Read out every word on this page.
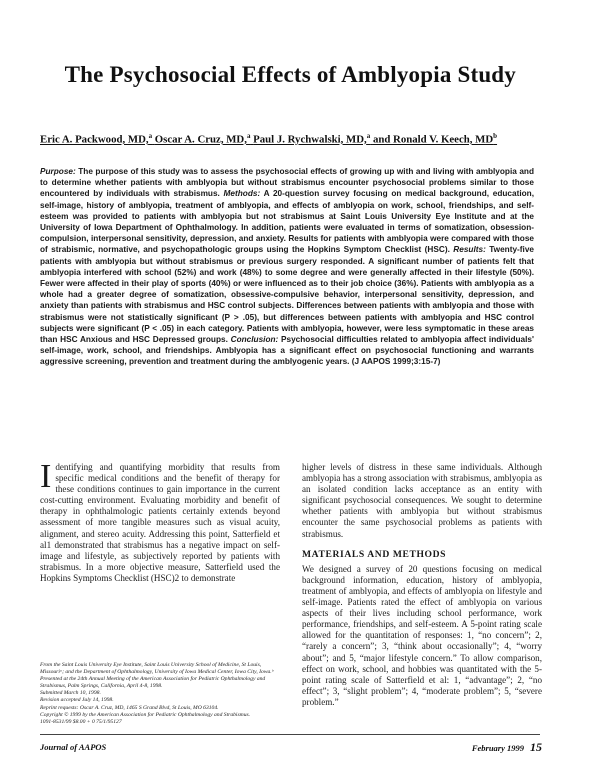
The Psychosocial Effects of Amblyopia Study
Eric A. Packwood, MD,$^a$ Oscar A. Cruz, MD,$^a$ Paul J. Rychwalski, MD,$^a$ and Ronald V. Keech, $MD^b$
Purpose: The purpose of this study was to assess the psychosocial effects of growing up with and living with amblyopia and to determine whether patients with amblyopia but without strabismus encounter psychosocial problems similar to those encountered by individuals with strabismus. Methods: A 20-question survey focusing on medical background, education, self-image, history of amblyopia, treatment of amblyopia, and effects of amblyopia on work, school, friendships, and self-esteem was provided to patients with amblyopia but not strabismus at Saint Louis University Eye Institute and at the University of Iowa Department of Ophthalmology. In addition, patients were evaluated in terms of somatization, obsession-compulsion, interpersonal sensitivity, depression, and anxiety. Results for patients with amblyopia were compared with those of strabismic, normative, and psychopathologic groups using the Hopkins Symptom Checklist (HSC). Results: Twenty-five patients with amblyopia but without strabismus or previous surgery responded. A significant number of patients felt that amblyopia interfered with school (52%) and work (48%) to some degree and were generally affected in their lifestyle (50%). Fewer were affected in their play of sports (40%) or were influenced as to their job choice (36%). Patients with amblyopia as a whole had a greater degree of somatization, obsessive-compulsive behavior, interpersonal sensitivity, depression, and anxiety than patients with strabismus and HSC control subjects. Differences between patients with amblyopia and those with strabismus were not statistically significant (P > .05), but differences between patients with amblyopia and HSC control subjects were significant (P < .05) in each category. Patients with amblyopia, however, were less symptomatic in these areas than HSC Anxious and HSC Depressed groups. Conclusion: Psychosocial difficulties related to amblyopia affect individuals' self-image, work, school, and friendships. Amblyopia has a significant effect on psychosocial functioning and warrants aggressive screening, prevention and treatment during the amblyogenic years. (J AAPOS 1999;3:15-7)
I dentifying and quantifying morbidity that results from specific medical conditions and the benefit of therapy for these conditions continues to gain importance in the current cost-cutting environment. Evaluating morbidity and benefit of therapy in ophthalmologic patients certainly extends beyond assessment of more tangible measures such as visual acuity, alignment, and stereo acuity. Addressing this point, Satterfield et al1 demonstrated that strabismus has a negative impact on self-image and lifestyle, as subjectively reported by patients with strabismus. In a more objective measure, Satterfield used the Hopkins Symptoms Checklist (HSC)2 to demonstrate

higher levels of distress in these same individuals. Although amblyopia has a strong association with strabismus, amblyopia as an isolated condition lacks acceptance as an entity with significant psychosocial consequences. We sought to determine whether patients with amblyopia but without strabismus encounter the same psychosocial problems as patients with strabismus.

MATERIALS AND METHODS

We designed a survey of 20 questions focusing on medical background information, education, history of amblyopia, treatment of amblyopia, and effects of amblyopia on lifestyle and self-image. Patients rated the effect of amblyopia on various aspects of their lives including school performance, work performance, friendships, and self-esteem. A 5-point rating scale allowed for the quantitation of responses: 1, “no concern”; 2, “rarely a concern”; 3, “think about occasionally”; 4, “worry about”; and 5, “major lifestyle concern.” To allow comparison, effect on work, school, and hobbies was quantitated with the 5-point rating scale of Satterfield et al: 1, “advantage”; 2, “no effect”; 3, “slight problem”; 4, “moderate problem”; 5, “severe problem.”

From the Saint Louis University Eye Institute, Saint Louis University School of Medicine, St Louis, Missouriᵃ; and the Department of Ophthalmology, University of Iowa Medical Center, Iowa City, Iowa.ᵇ
Presented at the 24th Annual Meeting of the American Association for Pediatric Ophthalmology and Strabismus, Palm Springs, California, April 4-8, 1998.
Submitted March 10, 1998.
Revision accepted July 14, 1998.
Reprint requests: Oscar A. Cruz, MD, 1465 S Grand Blvd, St Louis, MO 63104.
Copyright © 1999 by the American Association for Pediatric Ophthalmology and Strabismus.
1091-8531/99 $8.00 + 0 75/1/95127
Journal of AAPOS	February 1999 15
